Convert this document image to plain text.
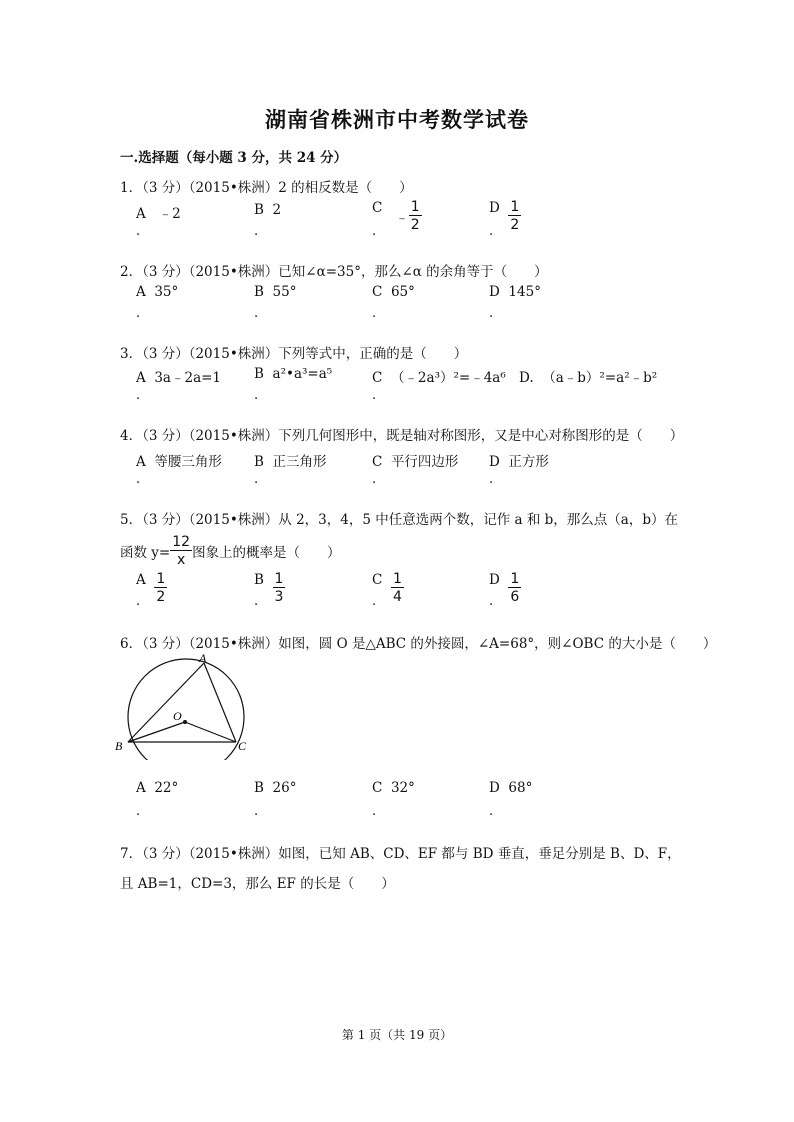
湖南省株洲市中考数学试卷
一.选择题（每小题 3 分，共 24 分）
1．（3 分）（2015•株洲）2 的相反数是（　　）
A ﹣2	B 2	C   ﹣ $\frac{1}{2}$	D $\frac{1}{2}$
.	.	.	.
2．（3 分）（2015•株洲）已知∠α=35°，那么∠α 的余角等于（　　）
A 35°	B 55°	C 65°	D 145°
.	.	.	.
3．（3 分）（2015•株洲）下列等式中，正确的是（　　）
A 3a﹣2a=1 B a²•a³=a⁵	C （﹣2a³）²=﹣4a⁶ D. （a﹣b）²=a²﹣b²
.	.	.
4．（3 分）（2015•株洲）下列几何图形中，既是轴对称图形，又是中心对称图形的是（　　）
A 等腰三角形 B 正三角形	C 平行四边形 D 正方形
.	.	.	.
5．（3 分）（2015•株洲）从 2，3，4，5 中任意选两个数，记作 a 和 b，那么点（a，b）在
函数 $y= \frac{12}{x}$ 图象上的概率是（　　）
A $\frac{1}{2}$	B $\frac{1}{3}$	C $\frac{1}{4}$	D $\frac{1}{6}$
.	.	.	.
6．（3 分）（2015•株洲）如图，圆 O 是△ABC 的外接圆，∠A=68°，则∠OBC 的大小是（　　）
A
B	C
O
A 22°	B 26°	C 32°	D 68°
.	.	.	.
7．（3 分）（2015•株洲）如图，已知 AB、CD、EF 都与 BD 垂直，垂足分别是 B、D、F，
且 AB=1，CD=3，那么 EF 的长是（　　）
第 1 页（共 19 页）
